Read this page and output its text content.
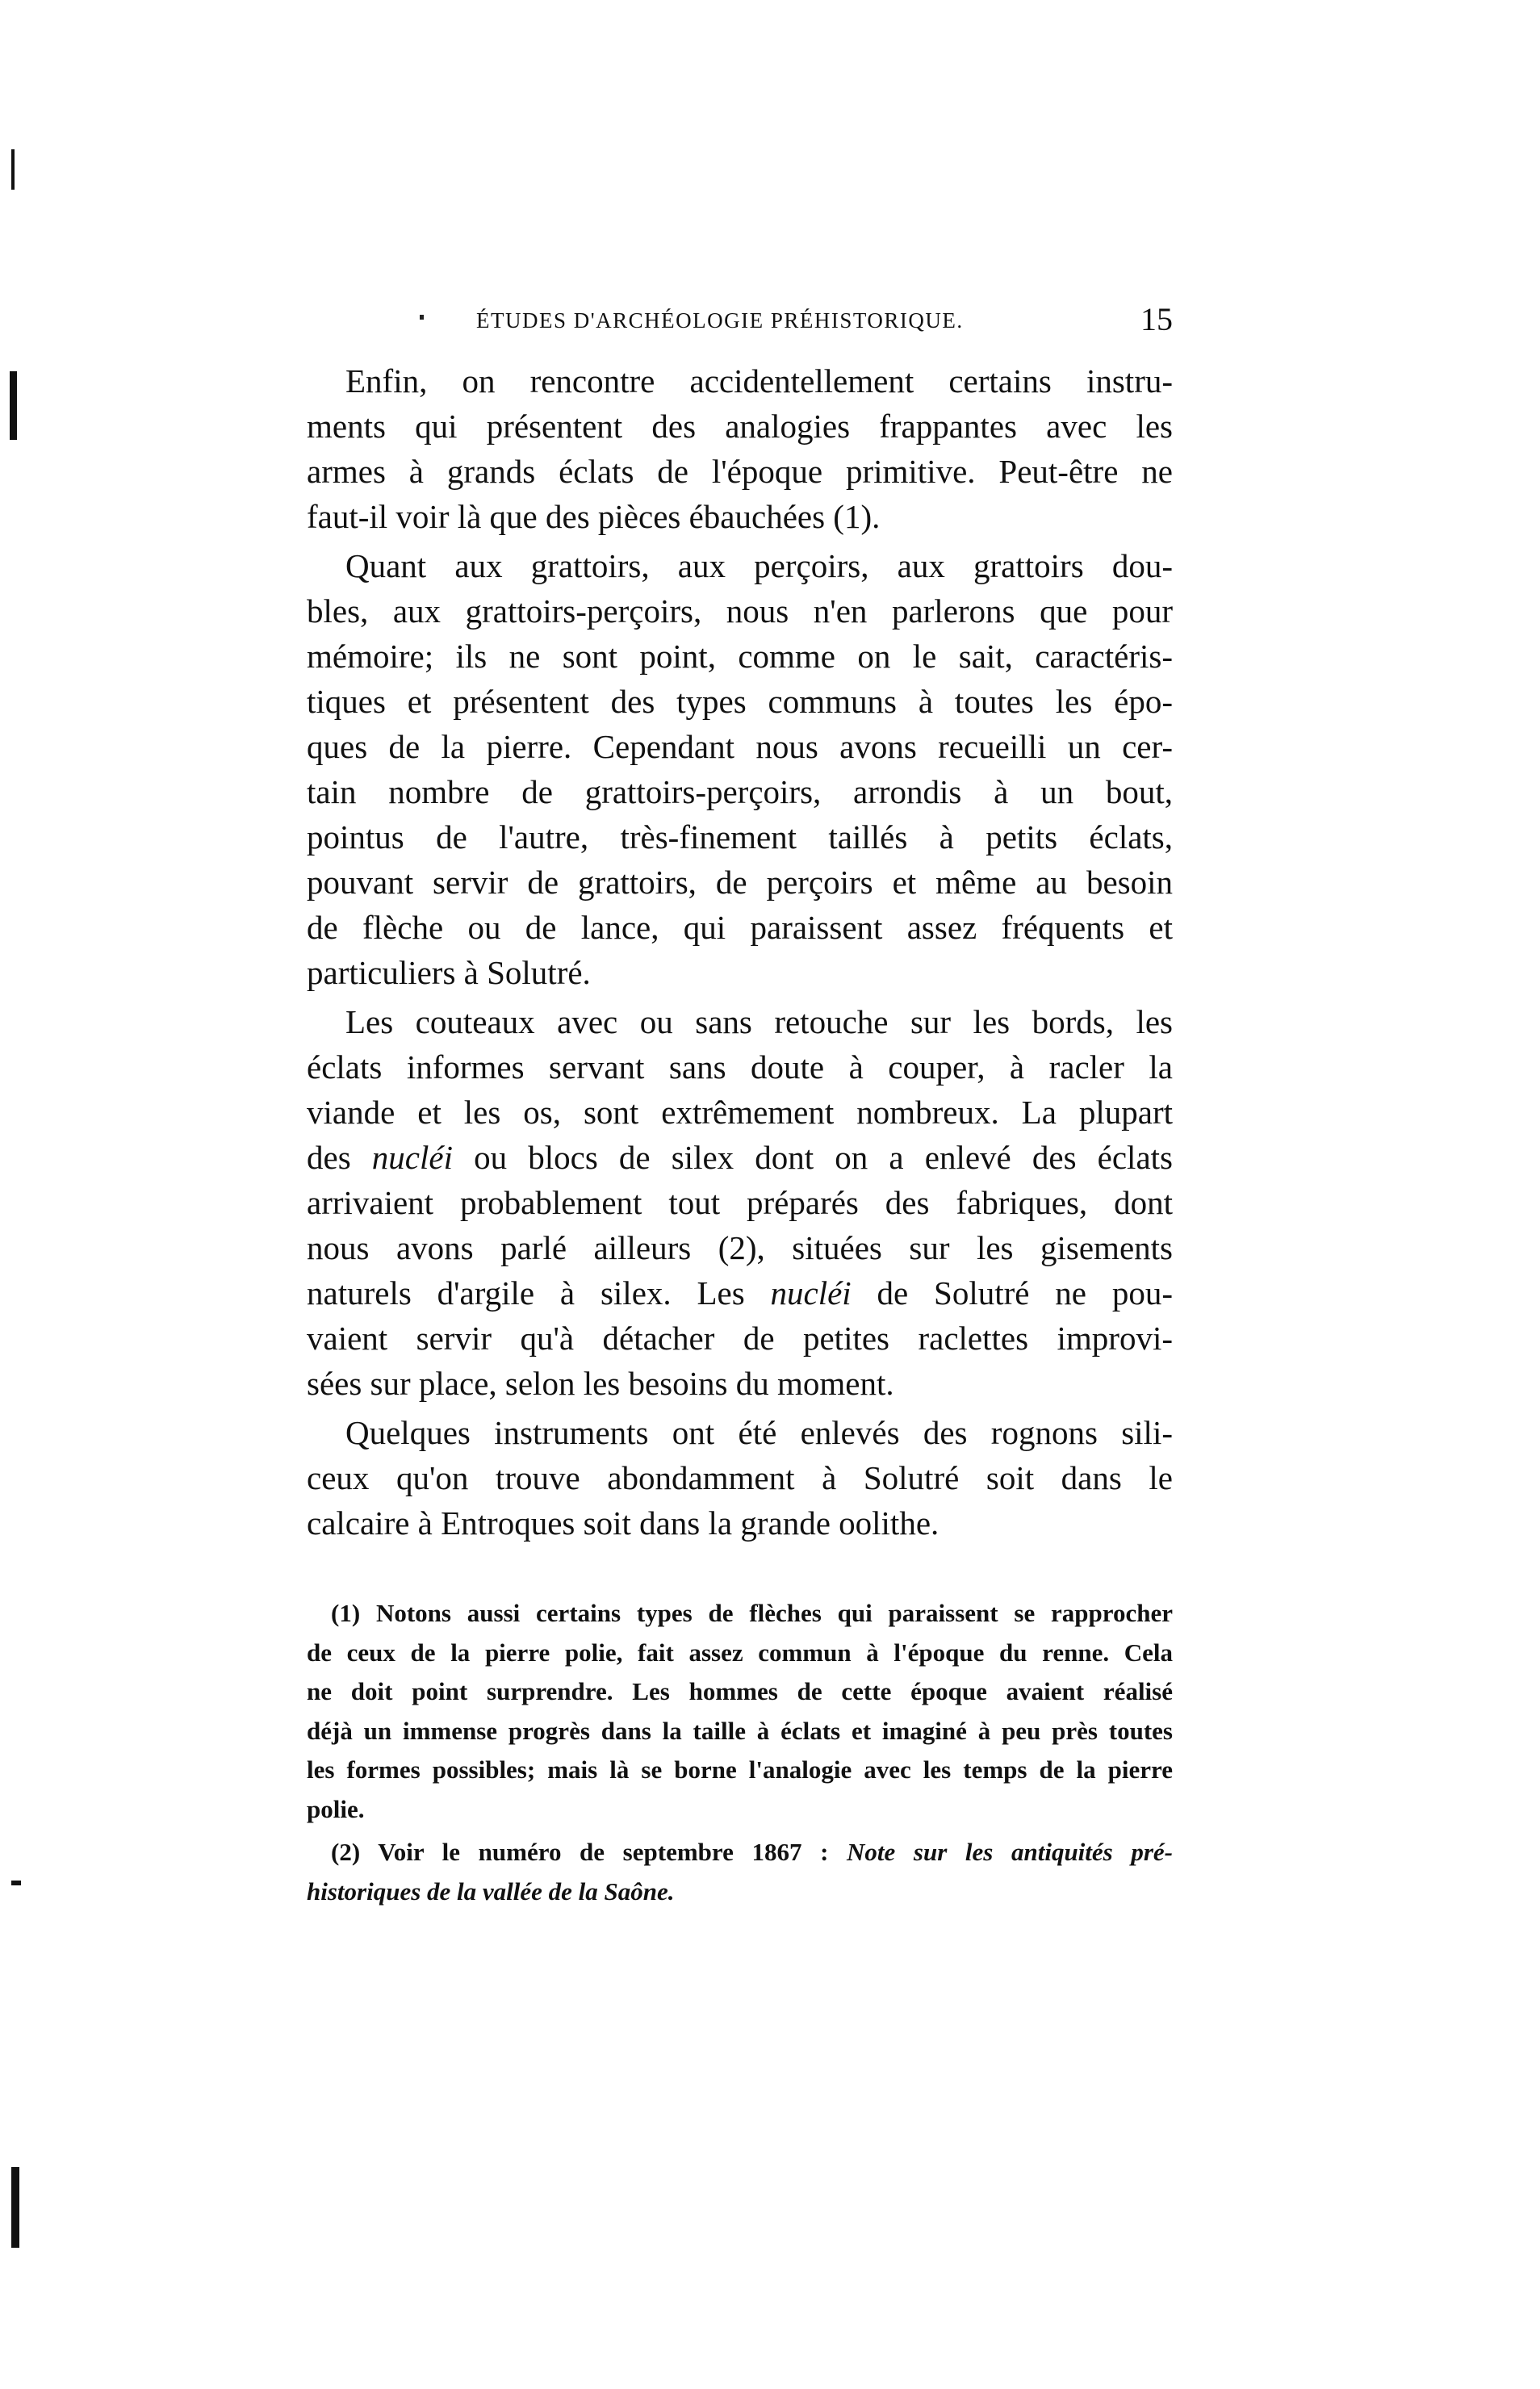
ÉTUDES D'ARCHÉOLOGIE PRÉHISTORIQUE.	15
Enfin, on rencontre accidentellement certains instru-
ments qui présentent des analogies frappantes avec les
armes à grands éclats de l'époque primitive. Peut-être ne
faut-il voir là que des pièces ébauchées (1).
Quant aux grattoirs, aux perçoirs, aux grattoirs dou-
bles, aux grattoirs-perçoirs, nous n'en parlerons que pour
mémoire; ils ne sont point, comme on le sait, caractéris-
tiques et présentent des types communs à toutes les épo-
ques de la pierre. Cependant nous avons recueilli un cer-
tain nombre de grattoirs-perçoirs, arrondis à un bout,
pointus de l'autre, très-finement taillés à petits éclats,
pouvant servir de grattoirs, de perçoirs et même au besoin
de flèche ou de lance, qui paraissent assez fréquents et
particuliers à Solutré.
Les couteaux avec ou sans retouche sur les bords, les
éclats informes servant sans doute à couper, à racler la
viande et les os, sont extrêmement nombreux. La plupart
des nucléi ou blocs de silex dont on a enlevé des éclats
arrivaient probablement tout préparés des fabriques, dont
nous avons parlé ailleurs (2), situées sur les gisements
naturels d'argile à silex. Les nucléi de Solutré ne pou-
vaient servir qu'à détacher de petites raclettes improvi-
sées sur place, selon les besoins du moment.
Quelques instruments ont été enlevés des rognons sili-
ceux qu'on trouve abondamment à Solutré soit dans le
calcaire à Entroques soit dans la grande oolithe.
(1) Notons aussi certains types de flèches qui paraissent se rapprocher
de ceux de la pierre polie, fait assez commun à l'époque du renne. Cela
ne doit point surprendre. Les hommes de cette époque avaient réalisé
déjà un immense progrès dans la taille à éclats et imaginé à peu près toutes
les formes possibles; mais là se borne l'analogie avec les temps de la pierre
polie.
(2) Voir le numéro de septembre 1867 : Note sur les antiquités pré-
historiques de la vallée de la Saône.
